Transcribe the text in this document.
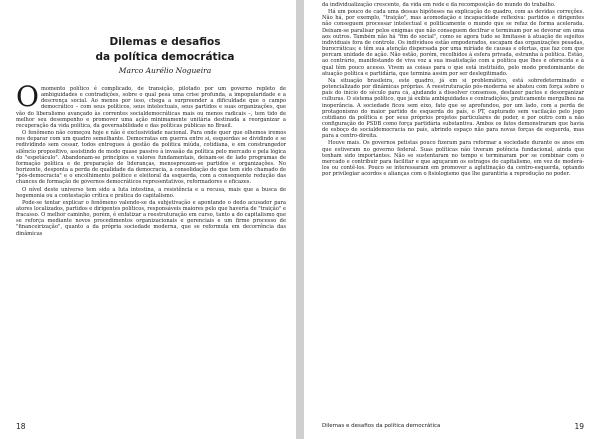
Dilemas e desafios
da política democrática

Marco Aurélio Nogueira

Omomento político é complicado, de transição, pilotado por um governo repleto de ambiguidades e contradições, sobre o qual pesa uma crise profunda, a impopularidade e a descrença social. Ao menos por isso, chega a surpreender a dificuldade que o campo democrático – com seus políticos, seus intelectuais, seus partidos e suas organizações, que vão do liberalismo avançado às correntes socialdemocráticas mais ou menos radicais –, tem tido de melhor seu desempenho e promover uma ação minimamente unitária destinada a reorganizar a recuperação da vida política, da governabilidade e das políticas públicas no Brasil.

O fenômeno não começou hoje e não é exclusividade nacional. Para onde quer que olhemos iremos nos deparar com um quadro semelhante. Democratas em guerra entre si, esquerdas se dividindo e se redividindo sem cessar, todos entregues à gestão da política miúda, cotidiana, e em constrangedor silêncio propositivo, assistindo de modo quase passivo à invasão da política pelo mercado e pela lógica do "espetáculo". Abandonam-se princípios e valores fundamentais, deixam-se de lado programas de formação política e de preparação de lideranças, menosprezam-se partidos e organizações. No horizonte, desponta a perda de qualidade da democracia, a consolidação do que tem sido chamado de "pós-democracia" e o encolhimento político e eleitoral da esquerda, com a consequente redução das chances de formação de governos democráticos representativos, reformadores e eficazes.

O nível deste universo tem sido a luta intestina, a resistência e a recusa, mais que a busca de hegemonia ou a contestação crítica e prática do capitalismo.

Pode-se tentar explicar o fenômeno valendo-se da subjetivação e apontando o dedo acusador para atores localizados, partidos e dirigentes políticos, responsáveis maiores pelo que haveria de "traição" e fracasso. O melhor caminho, porém, é enfatizar a reestruturação em curso, tanto a do capitalismo que se reforça mediante novos procedimentos organizacionais e gerenciais e um firme processo de "financeirização", quanto a da própria sociedade moderna, que se reformula em decorrência das dinâmicas

18

da individualização crescente, da vida em rede e da recomposição do mundo do trabalho.

Há um pouco de cada uma dessas hipóteses na explicação do quadro, com as devidas correções. Não há, por exemplo, "traição", mas acomodação e incapacidade reflexiva: partidos e dirigentes não conseguem processar intelectual e politicamente o mundo que se refaz de forma acelerada. Deixam-se paralisar pelos enigmas que não conseguem decifrar e terminam por se devorar em uma aos outros. Também não há "fim do social", como se agora tudo se limitasse à atuação de sujeitos individuais fora de controle. Os indivíduos estão empoderados, escapam das organizações pesadas, burocráticas; e têm sua atenção dispersada por uma miríade de causas e ofertas, que faz com que percam unidade de ação. Não estão, porém, recolhidos à esfera privada, estranha à política. Estão, ao contrário, manifestando de viva voz a sua insatisfação com a política que lhes é oferecida e à qual têm pouco acesso. Vivem as coisas para o que está instituído, pelo modo predominante de atuação política e partidária, que termina assim por ser deslegitimado.

Na situação brasileira, este quadro, já em si problemático, está sobredeterminado e potencializado por dinâmicas próprias. A reestruturação pós-moderna se abateu com força sobre o país do início do século para cá, ajudando a dissolver consensos, desfazer pactos e desorganizar culturas. O sistema político, que já exibia ambiguidades e contradições, praticamente mergulhou na inoperância. A sociedade ficou sem eixo, fato que se aprofundou, por um lado, com a perda de protagonismo do maior partido de esquerda do país, o PT, capturado sem vacilação pelo jogo cotidiano da política e por seus próprios projetos particulares de poder, e por outro com a não configuração do PSDB como força partidária substantiva. Ambos os fatos demonstraram que havia de esboço de socialdemocracia no país, abrindo espaço não para novas forças de esquerda, mas para a centro-direita.

Houve mais. Os governos petistas pouco fizeram para reformar a sociedade durante os anos em que estiveram no governo federal. Suas políticas não tiveram potência fundacional, ainda que tenham sido importantes. Não se sustentaram no tempo e terminaram por se combinar com o mercado e contribuir para facilitar e que aguçaram os estragos do capitalismo, em vez de moderá-los ou contê-los. Pouco se interessaram em promover a aglutinação da centro-esquerda, optando por privilegiar acordos e alianças com o fisiologismo que lhe garantiria a reprodução no poder.

Dilemas e desafios da política democrática	19
